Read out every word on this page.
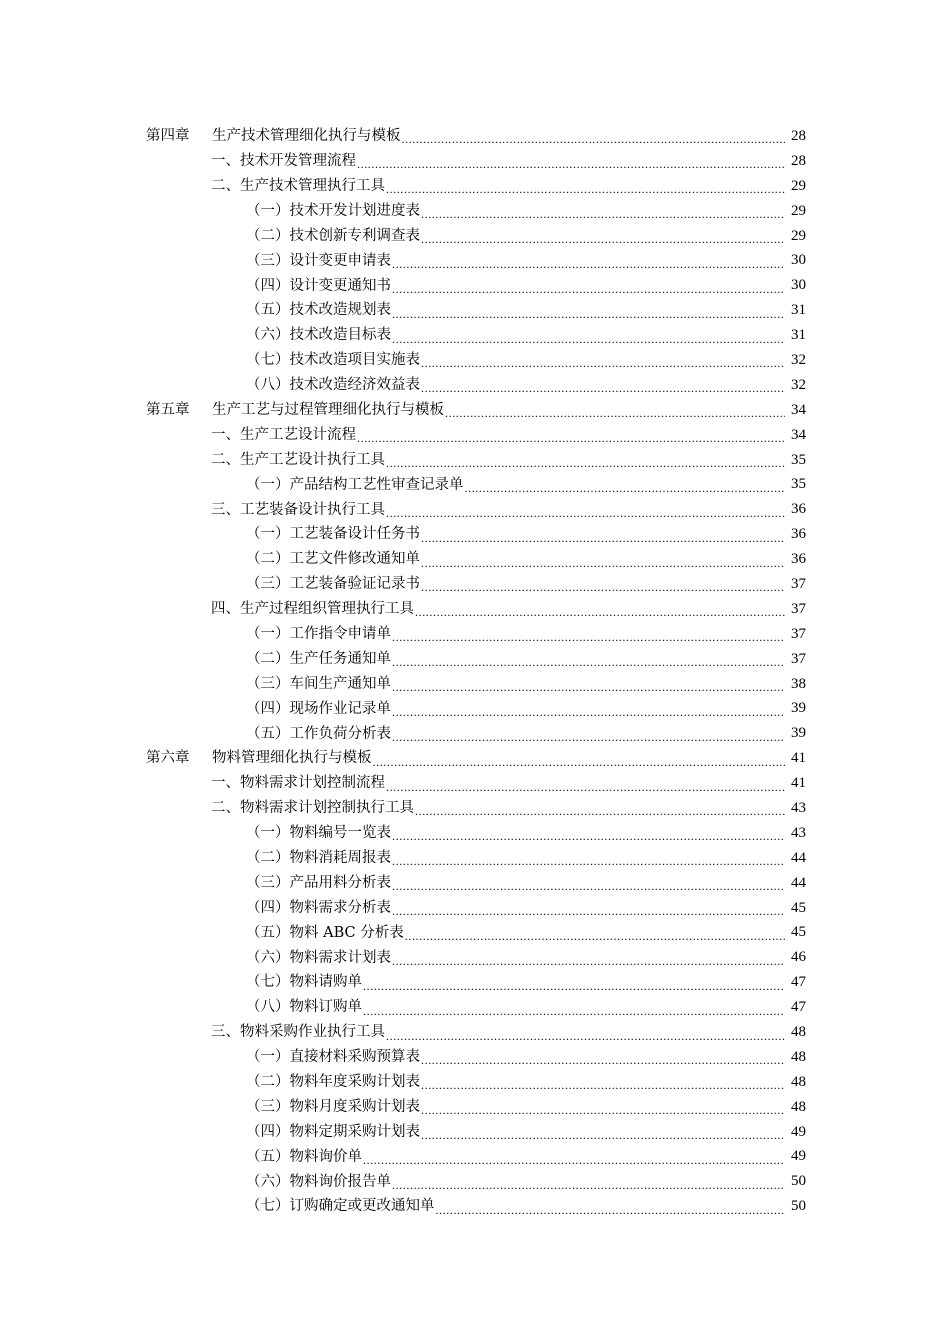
第四章	生产技术管理细化执行与模板 .....	28
一、技术开发管理流程 .....	28
二、生产技术管理执行工具 .....	29
（一）技术开发计划进度表 .....	29
（二）技术创新专利调查表 .....	29
（三）设计变更申请表 .....	30
（四）设计变更通知书 .....	30
（五）技术改造规划表 .....	31
（六）技术改造目标表 .....	31
（七）技术改造项目实施表 .....	32
（八）技术改造经济效益表 .....	32
第五章	生产工艺与过程管理细化执行与模板 .....	34
一、生产工艺设计流程 .....	34
二、生产工艺设计执行工具 .....	35
（一）产品结构工艺性审查记录单 .....	35
三、工艺装备设计执行工具 .....	36
（一）工艺装备设计任务书 .....	36
（二）工艺文件修改通知单 .....	36
（三）工艺装备验证记录书 .....	37
四、生产过程组织管理执行工具 .....	37
（一）工作指令申请单 .....	37
（二）生产任务通知单 .....	37
（三）车间生产通知单 .....	38
（四）现场作业记录单 .....	39
（五）工作负荷分析表 .....	39
第六章	物料管理细化执行与模板 .....	41
一、物料需求计划控制流程 .....	41
二、物料需求计划控制执行工具 .....	43
（一）物料编号一览表 .....	43
（二）物料消耗周报表 .....	44
（三）产品用料分析表 .....	44
（四）物料需求分析表 .....	45
（五）物料 ABC 分析表 .....	45
（六）物料需求计划表 .....	46
（七）物料请购单 .....	47
（八）物料订购单 .....	47
三、物料采购作业执行工具 .....	48
（一）直接材料采购预算表 .....	48
（二）物料年度采购计划表 .....	48
（三）物料月度采购计划表 .....	48
（四）物料定期采购计划表 .....	49
（五）物料询价单 .....	49
（六）物料询价报告单 .....	50
（七）订购确定或更改通知单 .....	50
